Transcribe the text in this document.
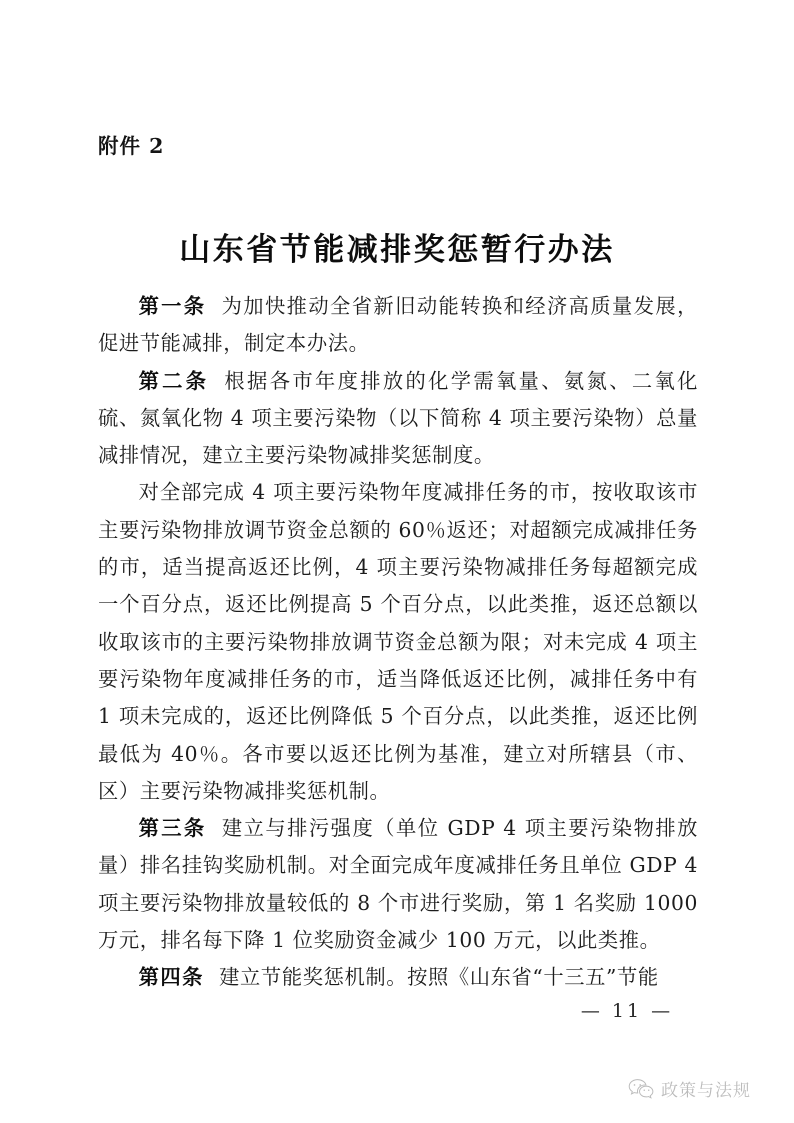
附件 2
山东省节能减排奖惩暂行办法

第一条 为加快推动全省新旧动能转换和经济高质量发展，促进节能减排，制定本办法。

第二条 根据各市年度排放的化学需氧量、氨氮、二氧化硫、氮氧化物 4 项主要污染物（以下简称 4 项主要污染物）总量减排情况，建立主要污染物减排奖惩制度。

对全部完成 4 项主要污染物年度减排任务的市，按收取该市主要污染物排放调节资金总额的 60％返还；对超额完成减排任务的市，适当提高返还比例，4 项主要污染物减排任务每超额完成一个百分点，返还比例提高 5 个百分点，以此类推，返还总额以收取该市的主要污染物排放调节资金总额为限；对未完成 4 项主要污染物年度减排任务的市，适当降低返还比例，减排任务中有 1 项未完成的，返还比例降低 5 个百分点，以此类推，返还比例最低为 40％。各市要以返还比例为基准，建立对所辖县（市、区）主要污染物减排奖惩机制。

第三条 建立与排污强度（单位 GDP 4 项主要污染物排放量）排名挂钩奖励机制。对全面完成年度减排任务且单位 GDP 4 项主要污染物排放量较低的 8 个市进行奖励，第 1 名奖励 1000 万元，排名每下降 1 位奖励资金减少 100 万元，以此类推。

第四条 建立节能奖惩机制。按照《山东省“十三五”节能

— 11 —
政策与法规
